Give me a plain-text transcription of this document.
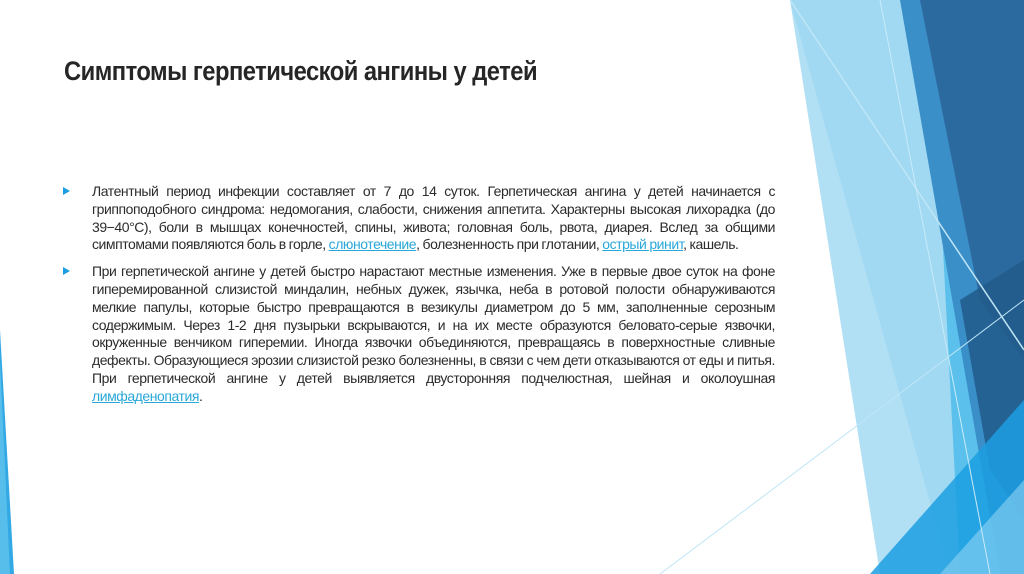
Симптомы герпетической ангины у детей

Латентный период инфекции составляет от 7 до 14 суток. Герпетическая ангина у детей начинается с гриппоподобного синдрома: недомогания, слабости, снижения аппетита. Характерны высокая лихорадка (до 39−40°C), боли в мышцах конечностей, спины, живота; головная боль, рвота, диарея. Вслед за общими симптомами появляются боль в горле, слюнотечение, болезненность при глотании, острый ринит, кашель.

При герпетической ангине у детей быстро нарастают местные изменения. Уже в первые двое суток на фоне гиперемированной слизистой миндалин, небных дужек, язычка, неба в ротовой полости обнаруживаются мелкие папулы, которые быстро превращаются в везикулы диаметром до 5 мм, заполненные серозным содержимым. Через 1-2 дня пузырьки вскрываются, и на их месте образуются беловато-серые язвочки, окруженные венчиком гиперемии. Иногда язвочки объединяются, превращаясь в поверхностные сливные дефекты. Образующиеся эрозии слизистой резко болезненны, в связи с чем дети отказываются от еды и питья. При герпетической ангине у детей выявляется двусторонняя подчелюстная, шейная и околоушная лимфаденопатия.
